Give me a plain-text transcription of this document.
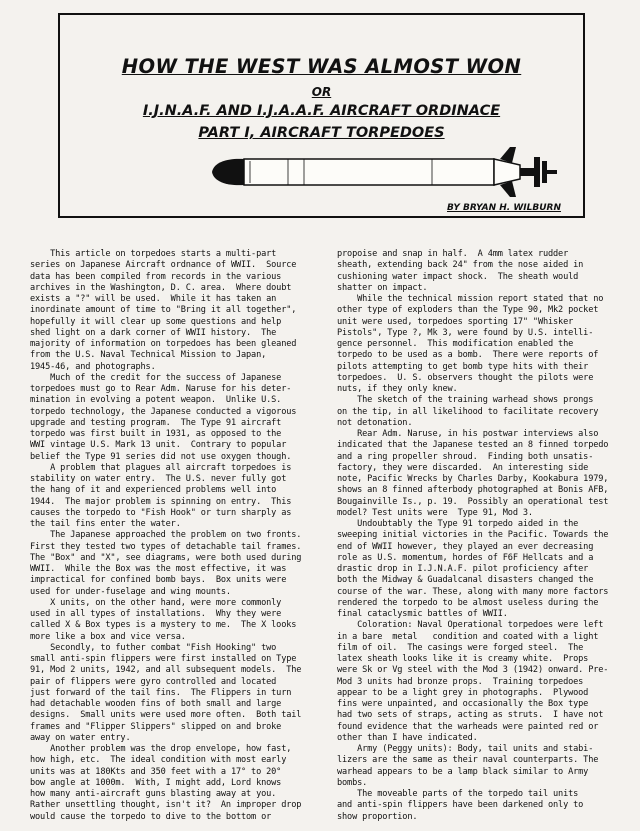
HOW THE WEST WAS ALMOST WON
OR
I.J.N.A.F. AND I.J.A.A.F. AIRCRAFT ORDINACE
PART I, AIRCRAFT TORPEDOES
BY BRYAN H. WILBURN
This article on torpedoes starts a multi-part
series on Japanese Aircraft ordnance of WWII.  Source
data has been compiled from records in the various
archives in the Washington, D. C. area.  Where doubt
exists a "?" will be used.  While it has taken an
inordinate amount of time to "Bring it all together",
hopefully it will clear up some questions and help
shed light on a dark corner of WWII history.  The
majority of information on torpedoes has been gleaned
from the U.S. Naval Technical Mission to Japan,
1945-46, and photographs.
Much of the credit for the success of Japanese
torpedoes must go to Rear Adm. Naruse for his deter-
mination in evolving a potent weapon.  Unlike U.S.
torpedo technology, the Japanese conducted a vigorous
upgrade and testing program.  The Type 91 aircraft
torpedo was first built in 1931, as opposed to the
WWI vintage U.S. Mark 13 unit.  Contrary to popular
belief the Type 91 series did not use oxygen though.
A problem that plagues all aircraft torpedoes is
stability on water entry.  The U.S. never fully got
the hang of it and experienced problems well into
1944.  The major problem is spinning on entry.  This
causes the torpedo to "Fish Hook" or turn sharply as
the tail fins enter the water.
The Japanese approached the problem on two fronts.
First they tested two types of detachable tail frames.
The "Box" and "X", see diagrams, were both used during
WWII.  While the Box was the most effective, it was
impractical for confined bomb bays.  Box units were
used for under-fuselage and wing mounts.
X units, on the other hand, were more commonly
used in all types of installations.  Why they were
called X & Box types is a mystery to me.  The X looks
more like a box and vice versa.
Secondly, to futher combat "Fish Hooking" two
small anti-spin flippers were first installed on Type
91, Mod 2 units, 1942, and all subsequent models.  The
pair of flippers were gyro controlled and located
just forward of the tail fins.  The Flippers in turn
had detachable wooden fins of both small and large
designs.  Small units were used more often.  Both tail
frames and "Flipper Slippers" slipped on and broke
away on water entry.
Another problem was the drop envelope, how fast,
how high, etc.  The ideal condition with most early
units was at 180Kts and 350 feet with a 17° to 20°
bow angle at 1000m.  With, I might add, Lord knows
how many anti-aircraft guns blasting away at you.
Rather unsettling thought, isn't it?  An improper drop
would cause the torpedo to dive to the bottom or
propoise and snap in half.  A 4mm latex rudder
sheath, extending back 24" from the nose aided in
cushioning water impact shock.  The sheath would
shatter on impact.
While the technical mission report stated that no
other type of exploders than the Type 90, Mk2 pocket
unit were used, torpedoes sporting 17" "Whisker
Pistols", Type ?, Mk 3, were found by U.S. intelli-
gence personnel.  This modification enabled the
torpedo to be used as a bomb.  There were reports of
pilots attempting to get bomb type hits with their
torpedoes.  U. S. observers thought the pilots were
nuts, if they only knew.
The sketch of the training warhead shows prongs
on the tip, in all likelihood to facilitate recovery
not detonation.
Rear Adm. Naruse, in his postwar interviews also
indicated that the Japanese tested an 8 finned torpedo
and a ring propeller shroud.  Finding both unsatis-
factory, they were discarded.  An interesting side
note, Pacific Wrecks by Charles Darby, Kookabura 1979,
shows an 8 finned afterbody photographed at Bonis AFB,
Bougainville Is., p. 19.  Possibly an operational test
model? Test units were  Type 91, Mod 3.
Undoubtably the Type 91 torpedo aided in the
sweeping initial victories in the Pacific. Towards the
end of WWII however, they played an ever decreasing
role as U.S. momentum, hordes of F6F Hellcats and a
drastic drop in I.J.N.A.F. pilot proficiency after
both the Midway & Guadalcanal disasters changed the
course of the war. These, along with many more factors
rendered the torpedo to be almost useless during the
final cataclysmic battles of WWII.
Coloration: Naval Operational torpedoes were left
in a bare  metal   condition and coated with a light
film of oil.  The casings were forged steel.  The
latex sheath looks like it is creamy white.  Props
were Sk or Vg steel with the Mod 3 (1942) onward. Pre-
Mod 3 units had bronze props.  Training torpedoes
appear to be a light grey in photographs.  Plywood
fins were unpainted, and occasionally the Box type
had two sets of straps, acting as struts.  I have not
found evidence that the warheads were painted red or
other than I have indicated.
Army (Peggy units): Body, tail units and stabi-
lizers are the same as their naval counterparts. The
warhead appears to be a lamp black similar to Army
bombs.
The moveable parts of the torpedo tail units
and anti-spin flippers have been darkened only to
show proportion.
